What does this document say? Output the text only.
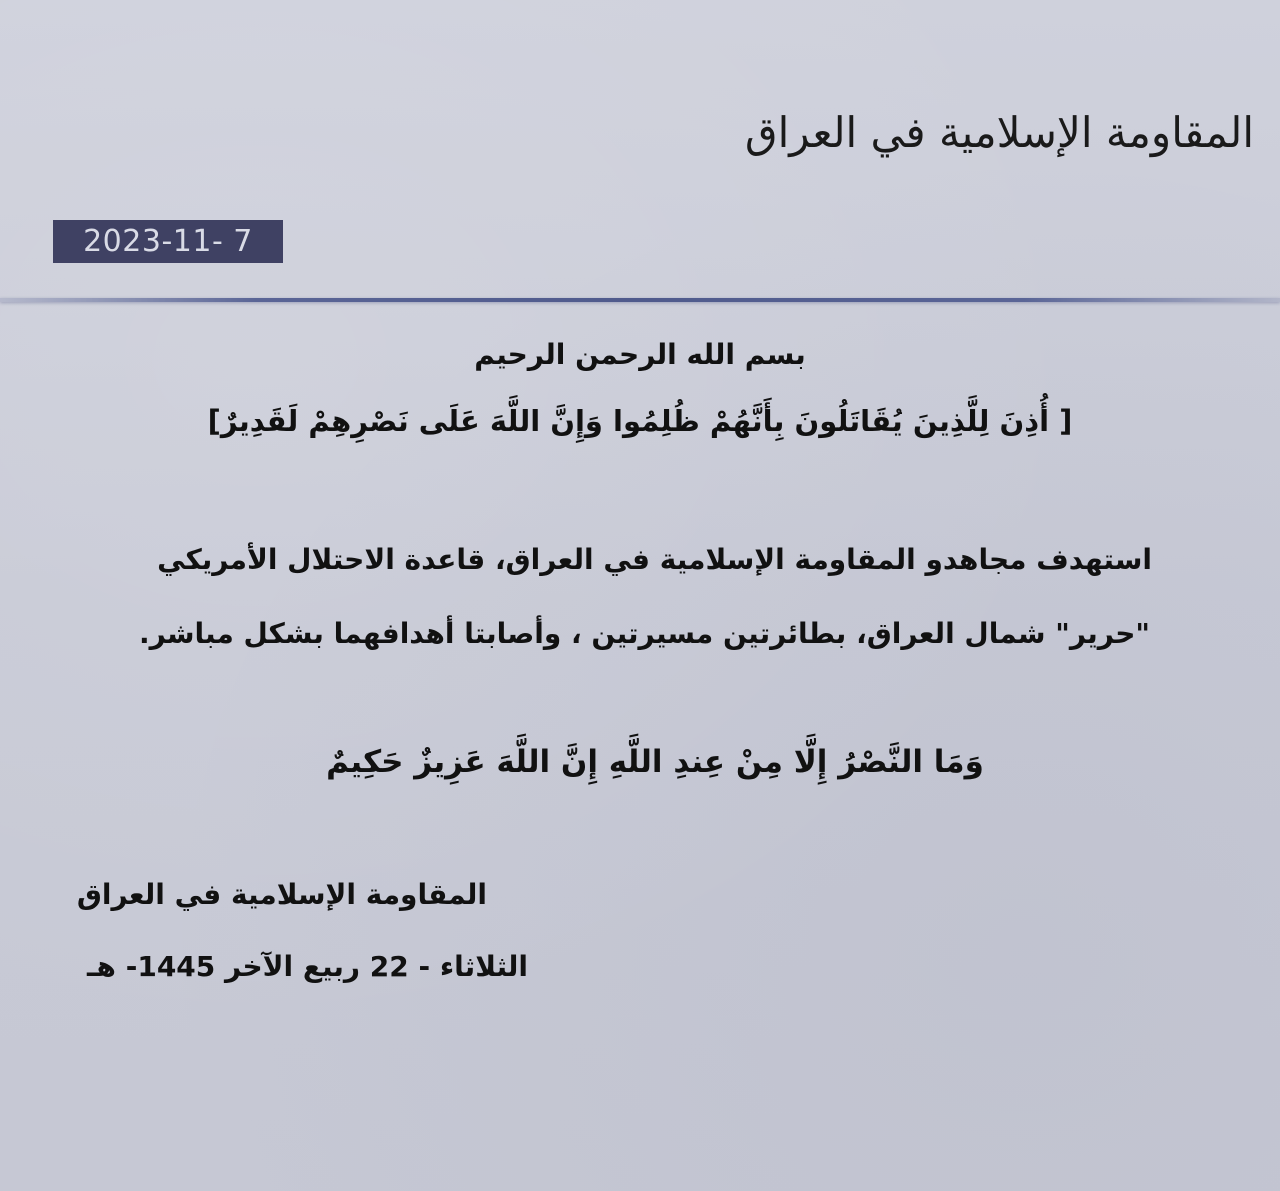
المقاومة الإسلامية في العراق
2023-11- 7
بسم الله الرحمن الرحيم
[ أُذِنَ لِلَّذِينَ يُقَاتَلُونَ بِأَنَّهُمْ ظُلِمُوا وَإِنَّ اللَّهَ عَلَى نَصْرِهِمْ لَقَدِيرٌ]
استهدف مجاهدو المقاومة الإسلامية في العراق، قاعدة الاحتلال الأمريكي
"حرير" شمال العراق، بطائرتين مسيرتين ، وأصابتا أهدافهما بشكل مباشر.
وَمَا النَّصْرُ إِلَّا مِنْ عِندِ اللَّهِ إِنَّ اللَّهَ عَزِيزٌ حَكِيمٌ
المقاومة الإسلامية في العراق
الثلاثاء - 22 ربيع الآخر 1445- هـ
